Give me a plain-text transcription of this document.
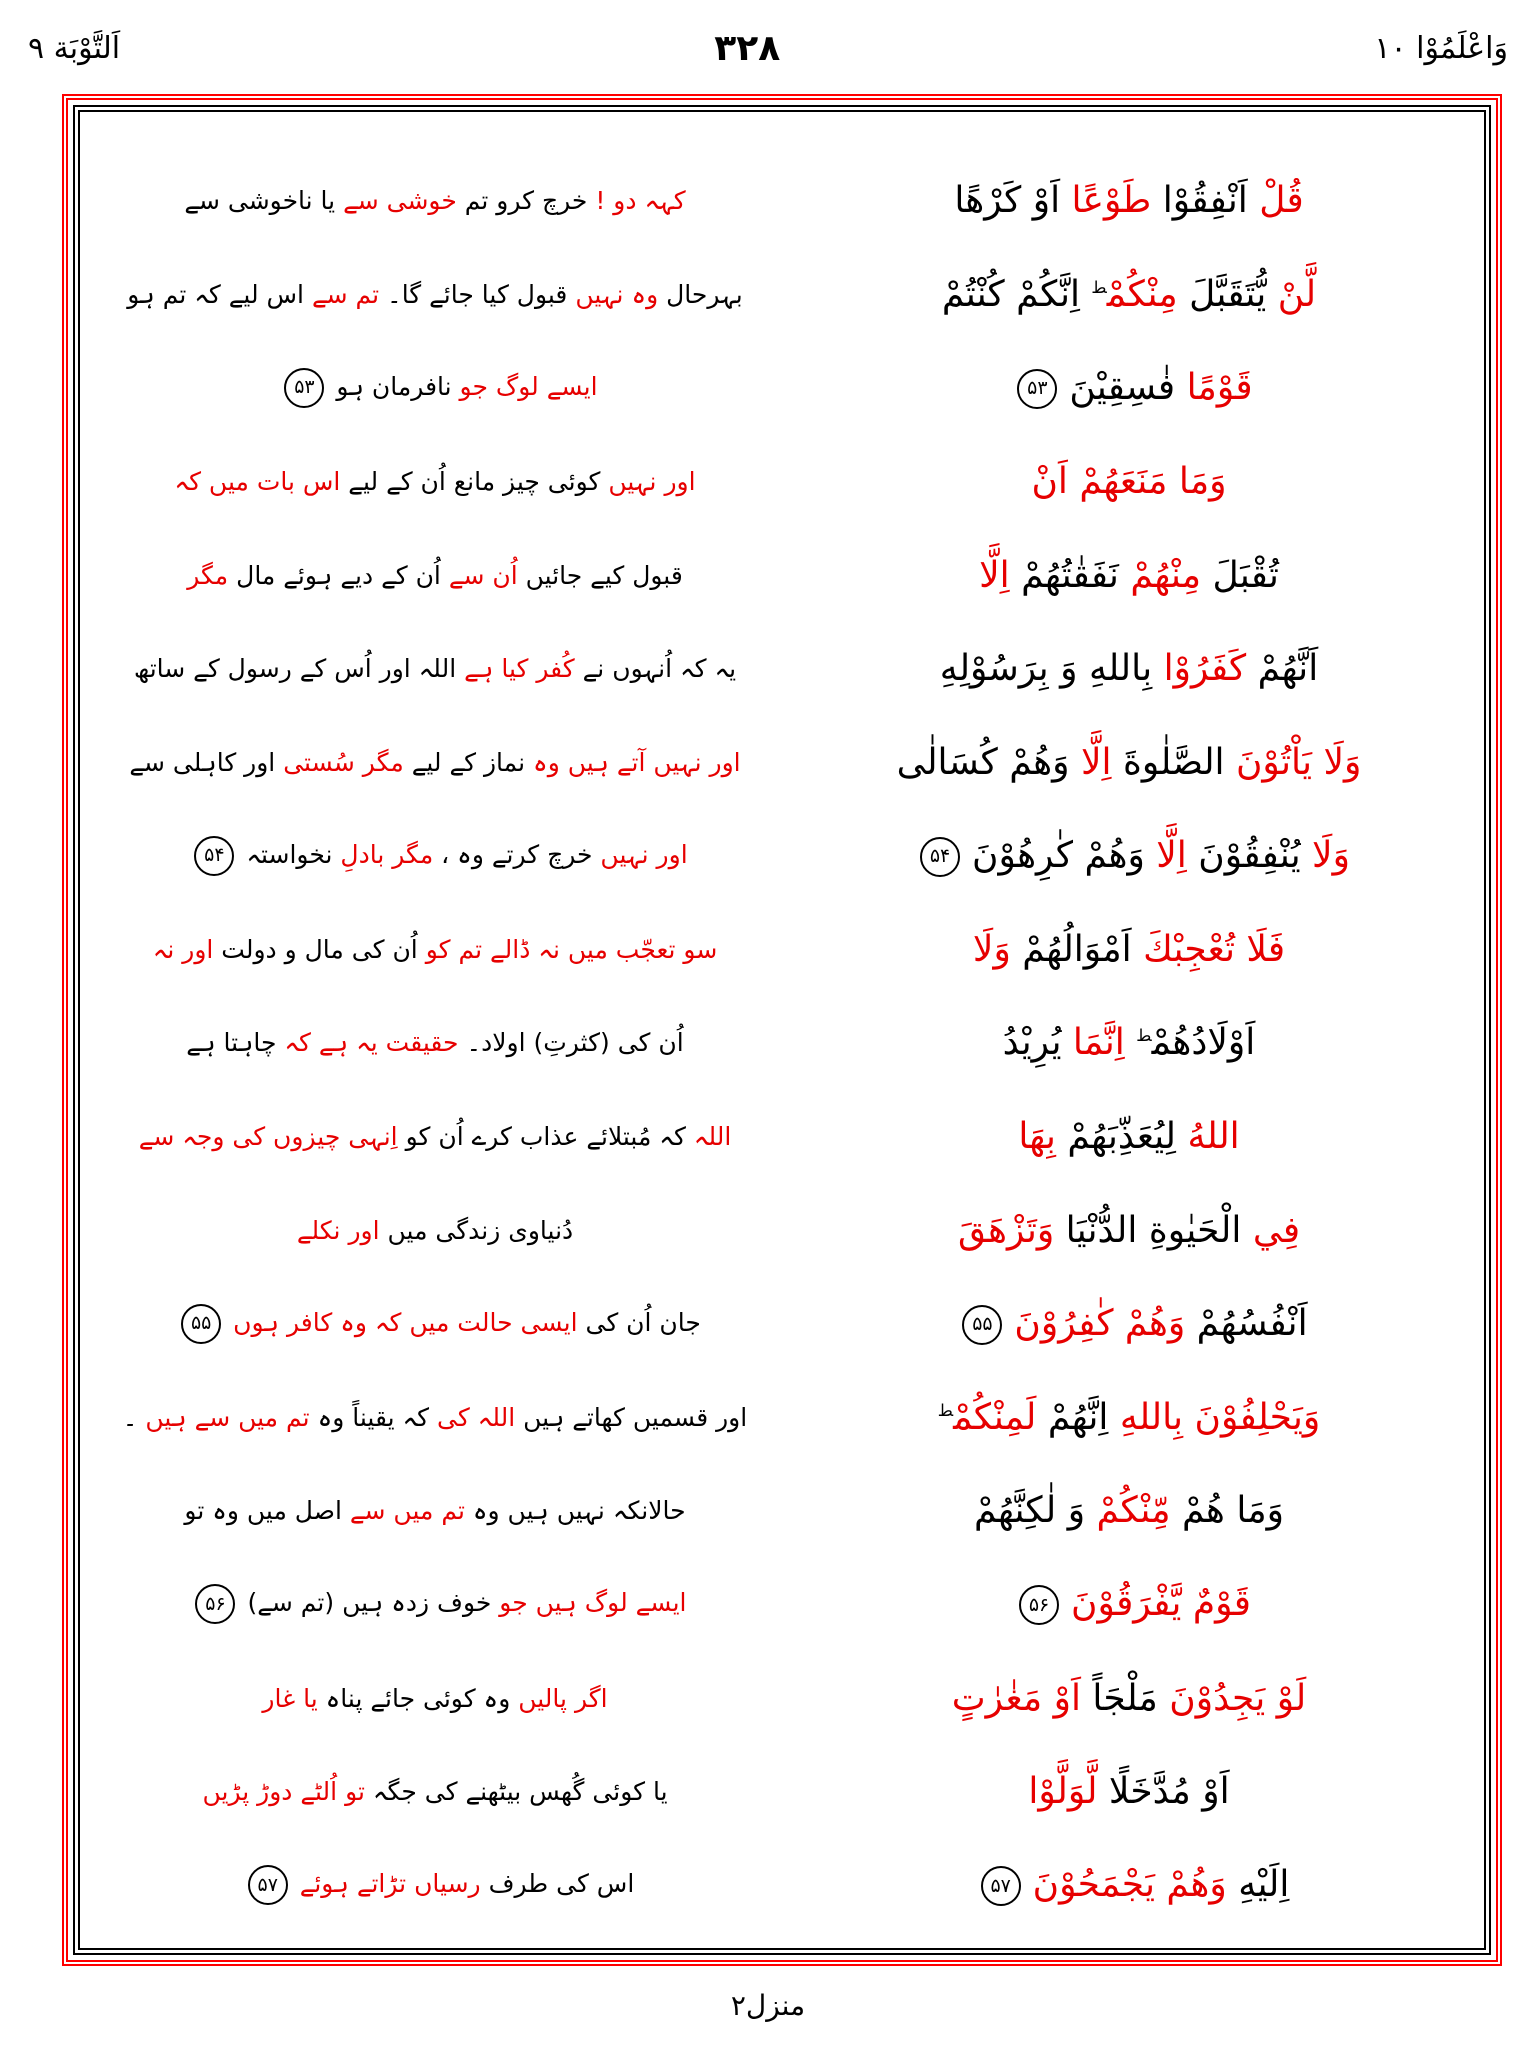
اَلتَّوْبَة ۹	۳۲۸	وَاعْلَمُوْا ۱۰
کہہ دو ! خرچ کرو تم خوشی سے یا ناخوشی سے	قُلْ اَنْفِقُوْا طَوْعًا اَوْ كَرْهًا
بہرحال وہ نہیں قبول کیا جائے گا۔ تم سے اس لیے کہ تم ہو	لَّنْ يُّتَقَبَّلَ مِنْكُمْ$^ط$ اِنَّكُمْ كُنْتُمْ
ایسے لوگ جو نافرمان ہو۵۳	قَوْمًا فٰسِقِيْنَ۵۳
اور نہیں کوئی چیز مانع اُن کے لیے اس بات میں کہ	وَمَا مَنَعَهُمْ اَنْ
قبول کیے جائیں اُن سے اُن کے دیے ہوئے مال مگر	تُقْبَلَ مِنْهُمْ نَفَقٰتُهُمْ اِلَّا
یہ کہ اُنہوں نے کُفر کیا ہے اللہ اور اُس کے رسول کے ساتھ	اَنَّهُمْ كَفَرُوْا بِاللهِ وَ بِرَسُوْلِهِ
اور نہیں آتے ہیں وہ نماز کے لیے مگر سُستی اور کاہلی سے	وَلَا يَاْتُوْنَ الصَّلٰوةَ اِلَّا وَهُمْ كُسَالٰى
اور نہیں خرچ کرتے وہ ، مگر بادلِ نخواستہ۵۴	وَلَا يُنْفِقُوْنَ اِلَّا وَهُمْ كٰرِهُوْنَ۵۴
سو تعجّب میں نہ ڈالے تم کو اُن کی مال و دولت اور نہ	فَلَا تُعْجِبْكَ اَمْوَالُهُمْ وَلَا
اُن کی (کثرتِ) اولاد۔ حقیقت یہ ہے کہ چاہتا ہے	اَوْلَادُهُمْ$^ط$ اِنَّمَا يُرِيْدُ
اللہ کہ مُبتلائے عذاب کرے اُن کو اِنہی چیزوں کی وجہ سے	اللهُ لِيُعَذِّبَهُمْ بِهَا
دُنیاوی زندگی میں اور نکلے	فِي الْحَيٰوةِ الدُّنْيَا وَتَزْهَقَ
جان اُن کی ایسی حالت میں کہ وہ کافر ہوں۵۵	اَنْفُسُهُمْ وَهُمْ كٰفِرُوْنَ۵۵
اور قسمیں کھاتے ہیں اللہ کی کہ یقیناً وہ تم میں سے ہیں ۔	وَيَحْلِفُوْنَ بِاللهِ اِنَّهُمْ لَمِنْكُمْ$^ط$
حالانکہ نہیں ہیں وہ تم میں سے اصل میں وہ تو	وَمَا هُمْ مِّنْكُمْ وَ لٰكِنَّهُمْ
ایسے لوگ ہیں جو خوف زدہ ہیں (تم سے)۵۶	قَوْمٌ يَّفْرَقُوْنَ۵۶
اگر پالیں وہ کوئی جائے پناہ یا غار	لَوْ يَجِدُوْنَ مَلْجَاً اَوْ مَغٰرٰتٍ
یا کوئی گُھس بیٹھنے کی جگہ تو اُلٹے دوڑ پڑیں	اَوْ مُدَّخَلًا لَّوَلَّوْا
اس کی طرف رسیاں تڑاتے ہوئے۵۷	اِلَيْهِ وَهُمْ يَجْمَحُوْنَ۵۷
منزل۲
